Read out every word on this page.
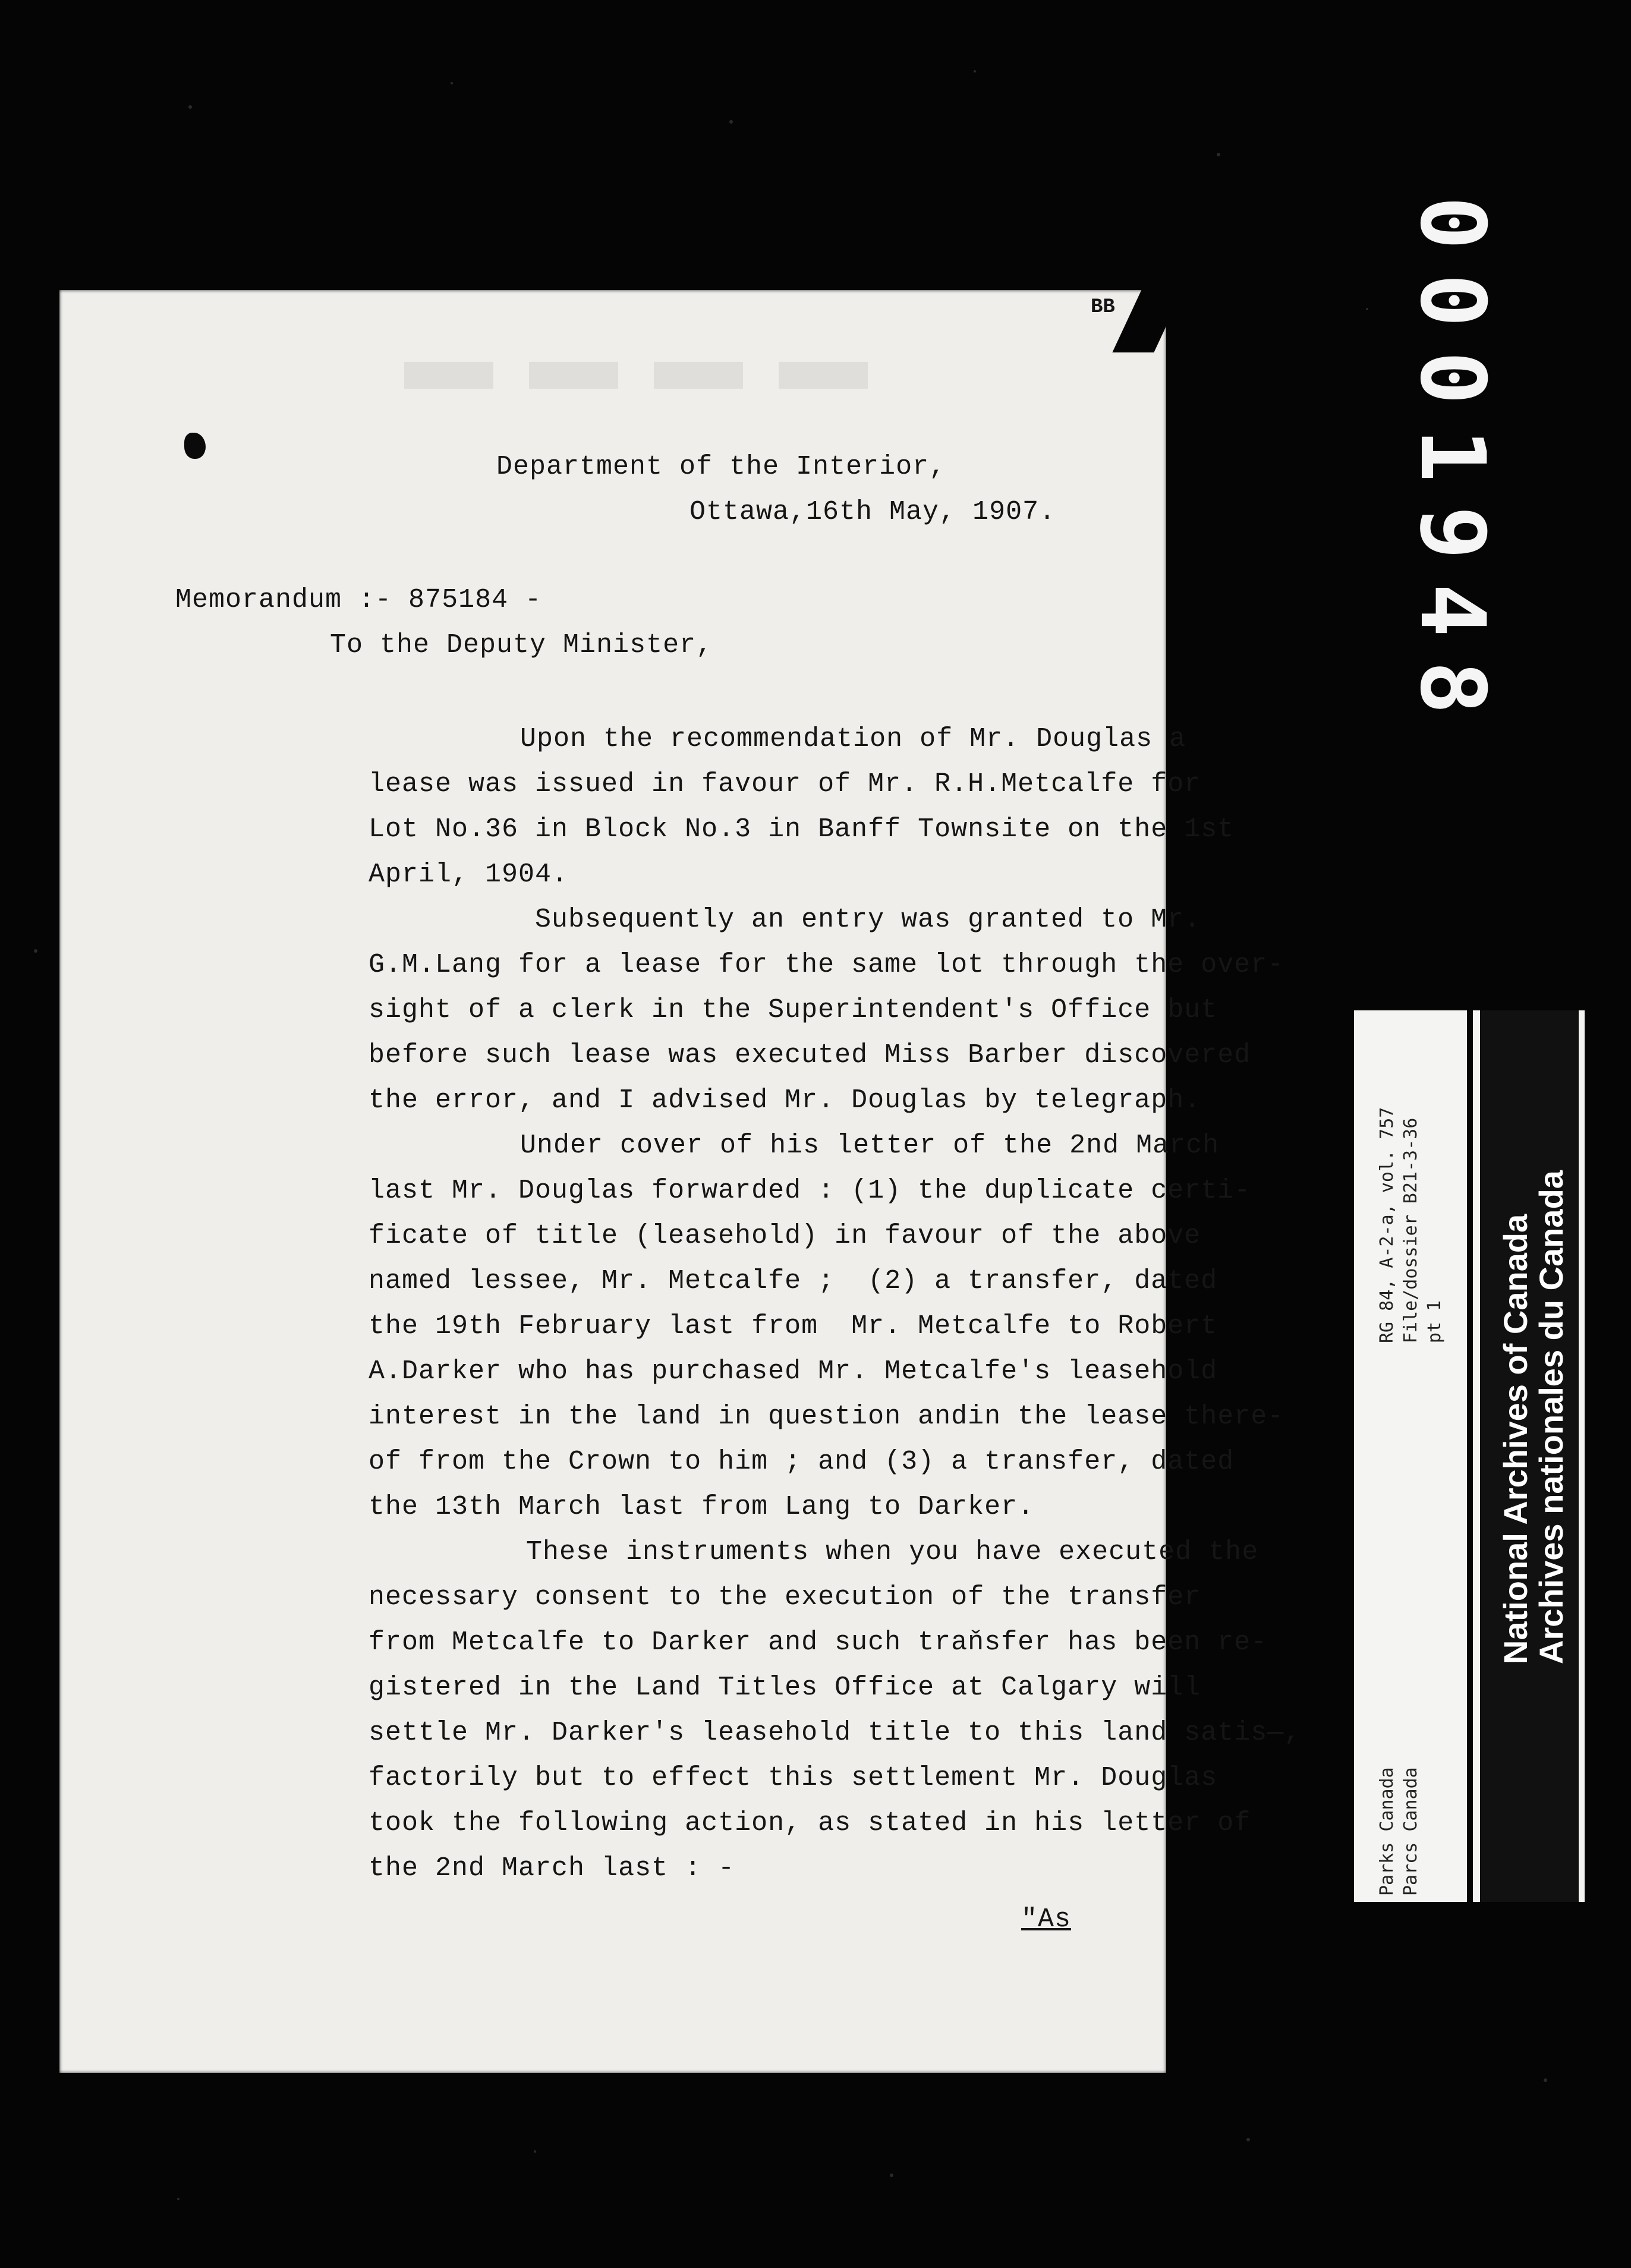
▬▬▬▬
BB
Department of the Interior,
Ottawa,16th May, 1907.
Memorandum :- 875184 -
To the Deputy Minister,
Upon the recommendation of Mr. Douglas a
lease was issued in favour of Mr. R.H.Metcalfe for
Lot No.36 in Block No.3 in Banff Townsite on the 1st
April, 1904.
Subsequently an entry was granted to Mr.
G.M.Lang for a lease for the same lot through the over-
sight of a clerk in the Superintendent's Office but
before such lease was executed Miss Barber discovered
the error, and I advised Mr. Douglas by telegraph.
Under cover of his letter of the 2nd March
last Mr. Douglas forwarded : (1) the duplicate certi-
ficate of title (leasehold) in favour of the above
named lessee, Mr. Metcalfe ;  (2) a transfer, dated
the 19th February last from  Mr. Metcalfe to Robert
A.Darker who has purchased Mr. Metcalfe's leasehold
interest in the land in question andin the lease there-
of from the Crown to him ; and (3) a transfer, dated
the 13th March last from Lang to Darker.
These instruments when you have executed the
necessary consent to the execution of the transfer
from Metcalfe to Darker and such traňsfer has been re-
gistered in the Land Titles Office at Calgary will
settle Mr. Darker's leasehold title to this land satis—,
factorily but to effect this settlement Mr. Douglas
took the following action, as stated in his letter of
the 2nd March last : -
"As
0001948
RG 84, A-2-a, vol. 757 File/dossier B21-3-36 pt 1
Parks Canada Parcs Canada
National Archives of Canada
Archives nationales du Canada
